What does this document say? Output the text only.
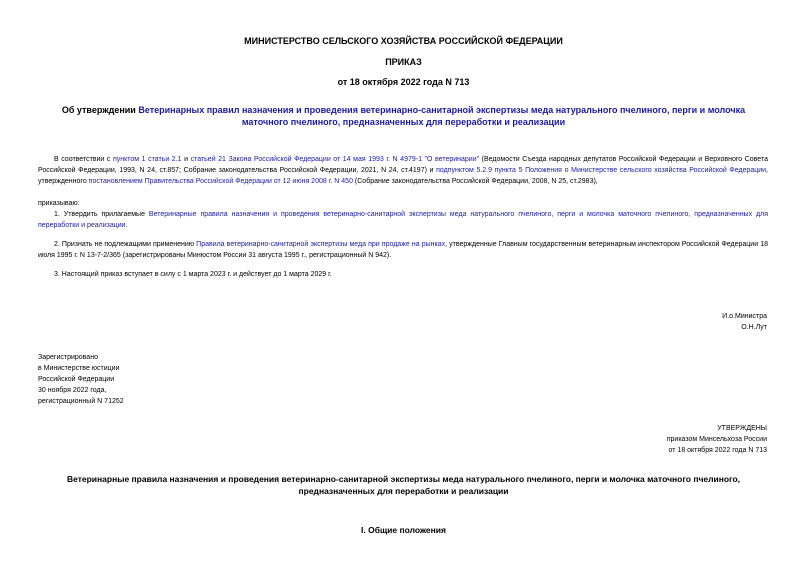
МИНИСТЕРСТВО СЕЛЬСКОГО ХОЗЯЙСТВА РОССИЙСКОЙ ФЕДЕРАЦИИ
ПРИКАЗ
от 18 октября 2022 года N 713
Об утверждении Ветеринарных правил назначения и проведения ветеринарно-санитарной экспертизы меда натурального пчелиного, перги и молочка маточного пчелиного, предназначенных для переработки и реализации
В соответствии с пунктом 1 статьи 2.1 и статьей 21 Закона Российской Федерации от 14 мая 1993 г. N 4979-1 "О ветеринарии" (Ведомости Съезда народных депутатов Российской Федерации и Верховного Совета Российской Федерации, 1993, N 24, ст.857; Собрание законодательства Российской Федерации, 2021, N 24, ст.4197) и подпунктом 5.2.9 пункта 5 Положения о Министерстве сельского хозяйства Российской Федерации, утвержденного постановлением Правительства Российской Федерации от 12 июня 2008 г. N 450 (Собрание законодательства Российской Федерации, 2008, N 25, ст.2983),
приказываю:
1. Утвердить прилагаемые Ветеринарные правила назначения и проведения ветеринарно-санитарной экспертизы меда натурального пчелиного, перги и молочка маточного пчелиного, предназначенных для переработки и реализации.
2. Признать не подлежащими применению Правила ветеринарно-санитарной экспертизы меда при продаже на рынках, утвержденные Главным государственным ветеринарным инспектором Российской Федерации 18 июля 1995 г. N 13-7-2/365 (зарегистрированы Минюстом России 31 августа 1995 г., регистрационный N 942).
3. Настоящий приказ вступает в силу с 1 марта 2023 г. и действует до 1 марта 2029 г.
И.о.Министра
О.Н.Лут
Зарегистрировано
в Министерстве юстиции
Российской Федерации
30 ноября 2022 года,
регистрационный N 71252
УТВЕРЖДЕНЫ
приказом Минсельхоза России
от 18 октября 2022 года N 713
Ветеринарные правила назначения и проведения ветеринарно-санитарной экспертизы меда натурального пчелиного, перги и молочка маточного пчелиного, предназначенных для переработки и реализации
I. Общие положения
